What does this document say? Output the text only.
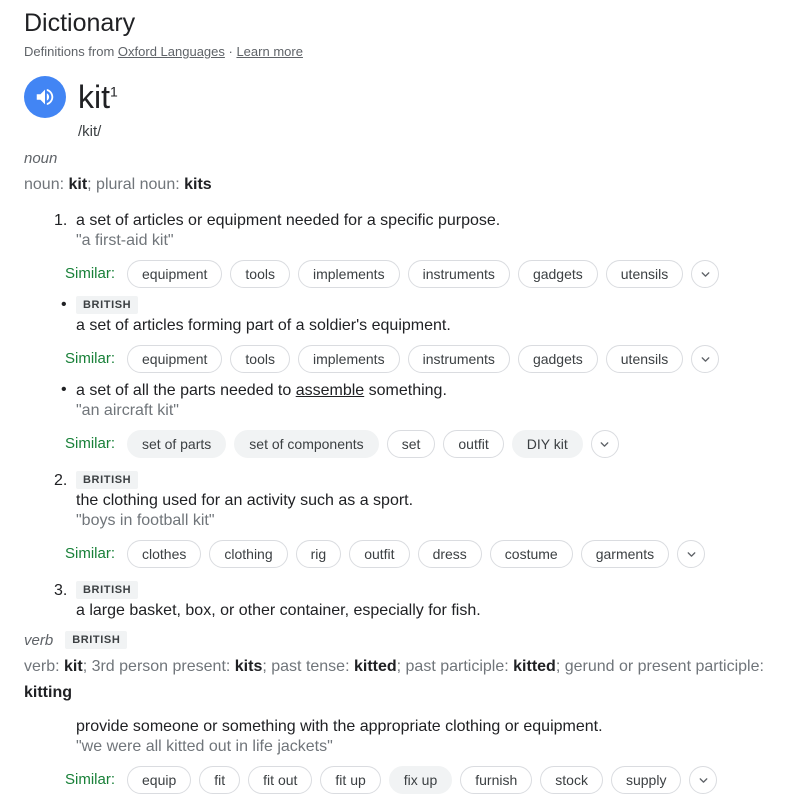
Dictionary
Definitions from Oxford Languages · Learn more
kit$^1$
/kit/
noun
noun: kit; plural noun: kits
1. a set of articles or equipment needed for a specific purpose.
"a first-aid kit"
Similar:	equipment	tools	implements	instruments	gadgets	utensils
•	BRITISH
a set of articles forming part of a soldier's equipment.
Similar:	equipment	tools	implements	instruments	gadgets	utensils
• a set of all the parts needed to assemble something.
"an aircraft kit"
Similar:	set of parts	set of components	set	outfit	DIY kit
2.	BRITISH
the clothing used for an activity such as a sport.
"boys in football kit"
Similar:	clothes	clothing	rig	outfit	dress	costume	garments
3.	BRITISH
a large basket, box, or other container, especially for fish.
verb	BRITISH
verb: kit; 3rd person present: kits; past tense: kitted; past participle: kitted; gerund or present participle: kitting
provide someone or something with the appropriate clothing or equipment.
"we were all kitted out in life jackets"
Similar:	equip	fit	fit out	fit up	fix up	furnish	stock	supply
